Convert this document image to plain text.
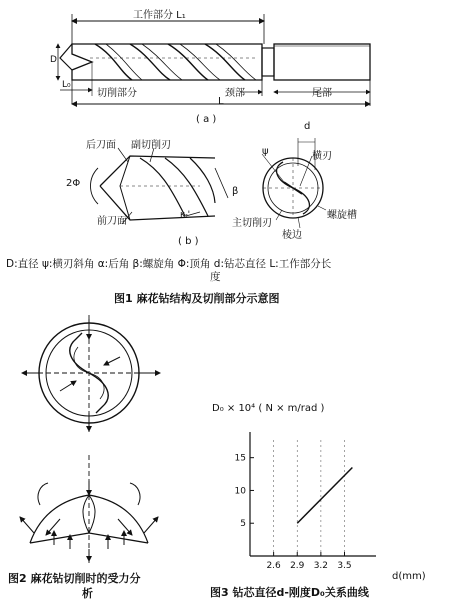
工作部分 L₁
D
L₀
切削部分	颈部	尾部
L
( a )
后刀面 副切削刃
2Φ
前刀面
κᵣ'
β
( b )
ψ
d
横刃
螺旋槽
主切削刃
棱边
D:直径 ψ:横刃斜角 α:后角 β:螺旋角 Φ:顶角 d:钻芯直径 L:工作部分长
度
图1 麻花钻结构及切削部分示意图
图2 麻花钻切削时的受力分
析
D₀ × 10⁴ ( N × m/rad )
2.6 2.9 3.2 3.5
5
10
15
d(mm)
图3 钻芯直径d-刚度D₀关系曲线
